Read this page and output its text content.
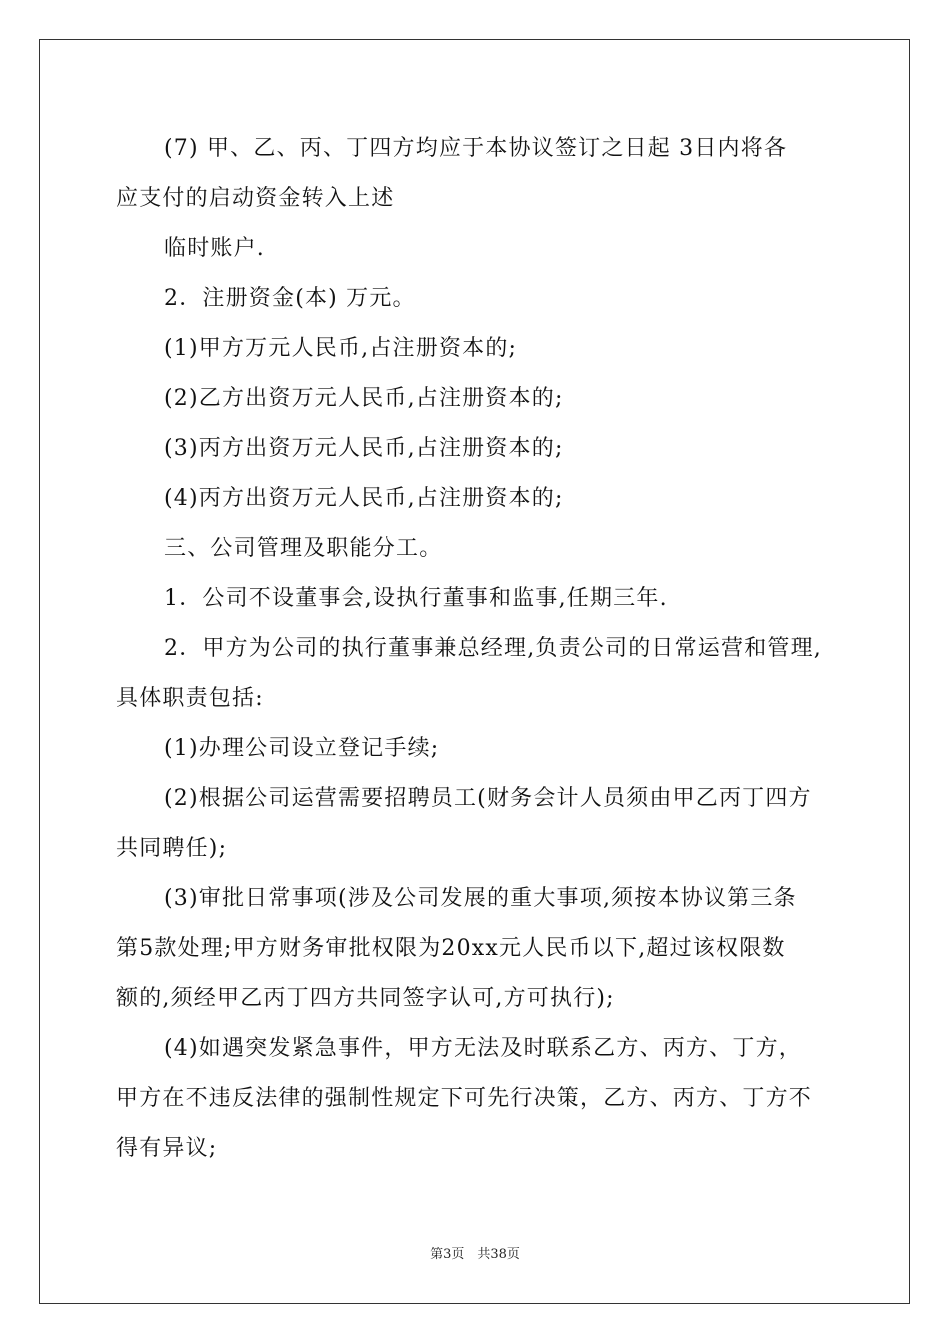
(7) 甲、乙、丙、丁四方均应于本协议签订之日起 3日内将各
应支付的启动资金转入上述
临时账户.
2．注册资金(本) 万元。
(1)甲方万元人民币,占注册资本的;
(2)乙方出资万元人民币,占注册资本的;
(3)丙方出资万元人民币,占注册资本的;
(4)丙方出资万元人民币,占注册资本的;
三、公司管理及职能分工。
1．公司不设董事会,设执行董事和监事,任期三年.
2．甲方为公司的执行董事兼总经理,负责公司的日常运营和管理,
具体职责包括:
(1)办理公司设立登记手续;
(2)根据公司运营需要招聘员工(财务会计人员须由甲乙丙丁四方
共同聘任);
(3)审批日常事项(涉及公司发展的重大事项,须按本协议第三条
第5款处理;甲方财务审批权限为20xx元人民币以下,超过该权限数
额的,须经甲乙丙丁四方共同签字认可,方可执行);
(4)如遇突发紧急事件，甲方无法及时联系乙方、丙方、丁方，
甲方在不违反法律的强制性规定下可先行决策，乙方、丙方、丁方不
得有异议;
第3页　共38页
